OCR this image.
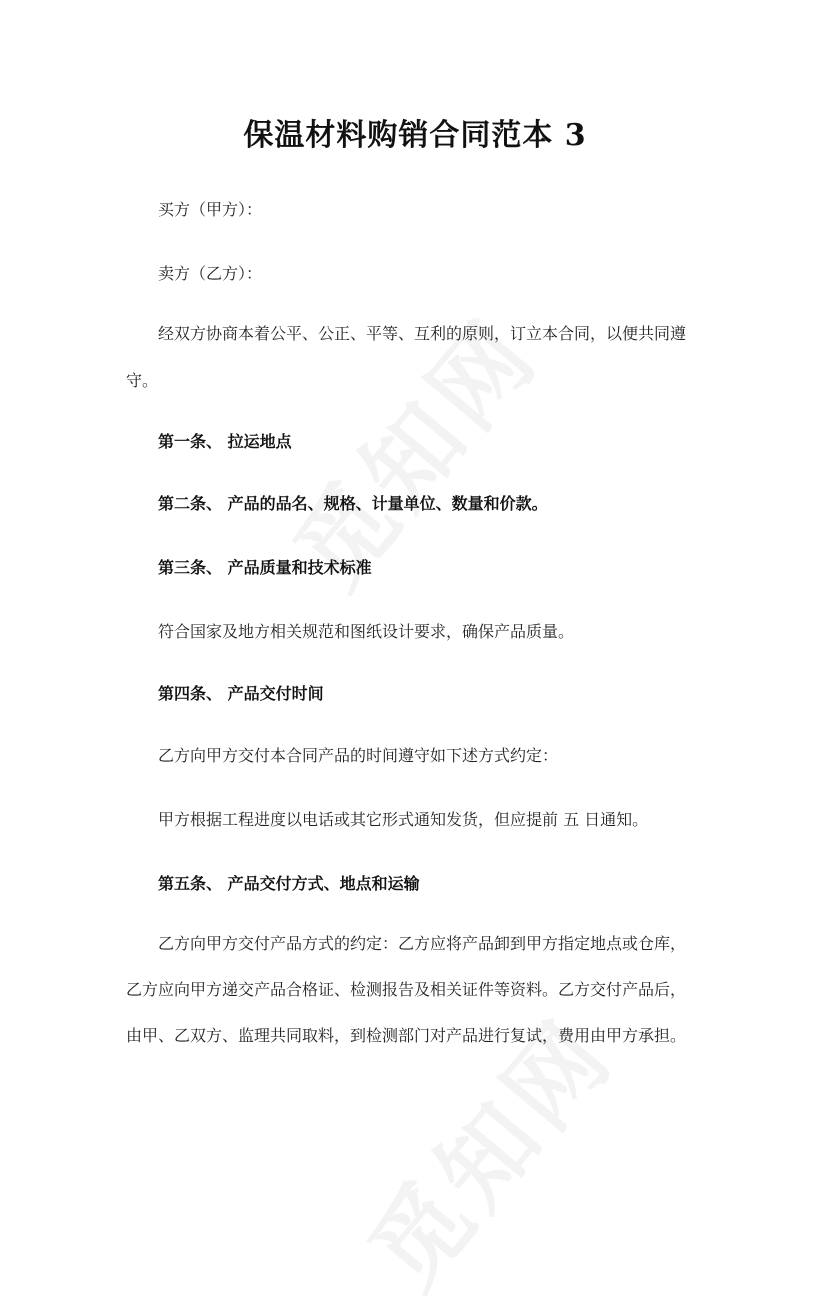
保温材料购销合同范本 3
买方（甲方）：
卖方（乙方）：
经双方协商本着公平、公正、平等、互利的原则，订立本合同，以便共同遵
守。
第一条、 拉运地点
第二条、 产品的品名、规格、计量单位、数量和价款。
第三条、 产品质量和技术标准
符合国家及地方相关规范和图纸设计要求，确保产品质量。
第四条、 产品交付时间
乙方向甲方交付本合同产品的时间遵守如下述方式约定：
甲方根据工程进度以电话或其它形式通知发货，但应提前 五 日通知。
第五条、 产品交付方式、地点和运输
乙方向甲方交付产品方式的约定：乙方应将产品卸到甲方指定地点或仓库，
乙方应向甲方递交产品合格证、检测报告及相关证件等资料。乙方交付产品后，
由甲、乙双方、监理共同取料，到检测部门对产品进行复试，费用由甲方承担。
